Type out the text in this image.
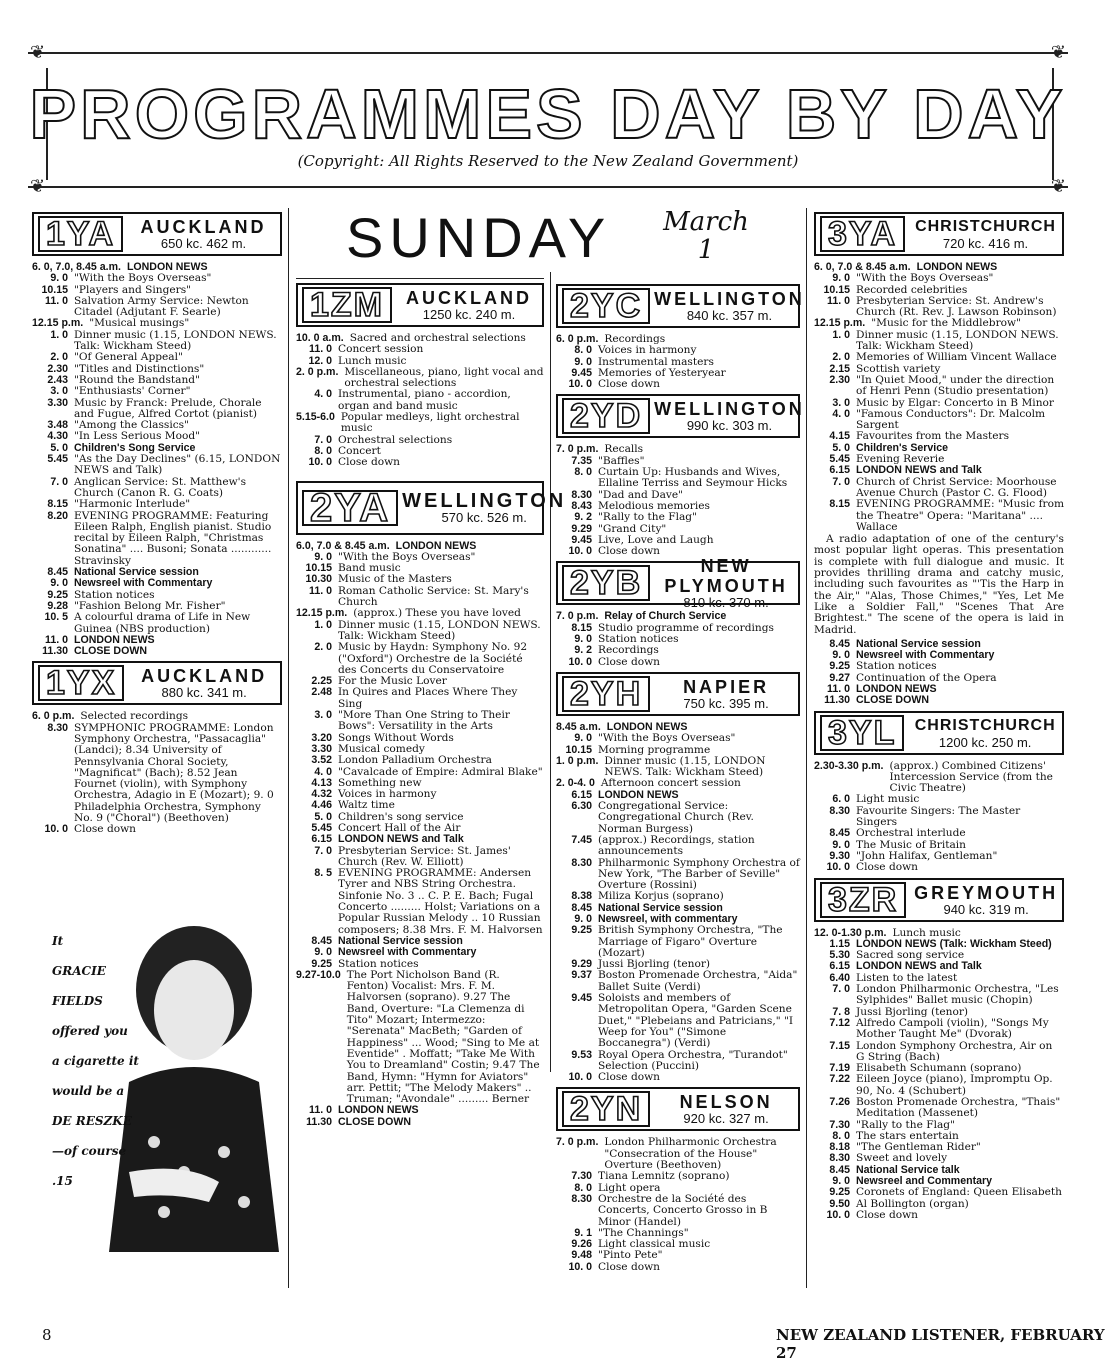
❦	❦
❦	❦
PROGRAMMES DAY BY DAY
(Copyright: All Rights Reserved to the New Zealand Government)
1YA	AUCKLAND
650 kc. 462 m.
6. 0, 7.0, 8.45 a.m. LONDON NEWS
9. 0 "With the Boys Overseas"
10.15 "Players and Singers"
11. 0 Salvation Army Service: Newton Citadel (Adjutant F. Searle)
12.15 p.m. "Musical musings"
1. 0 Dinner music (1.15, LONDON NEWS. Talk: Wickham Steed)
2. 0 "Of General Appeal"
2.30 "Titles and Distinctions"
2.43 "Round the Bandstand"
3. 0 "Enthusiasts' Corner"
3.30 Music by Franck: Prelude, Chorale and Fugue, Alfred Cortot (pianist)
3.48 "Among the Classics"
4.30 "In Less Serious Mood"
5. 0 Children's Song Service
5.45 "As the Day Declines" (6.15, LONDON NEWS and Talk)
7. 0 Anglican Service: St. Matthew's Church (Canon R. G. Coats)
8.15 "Harmonic Interlude"
8.20 EVENING PROGRAMME: Featuring Eileen Ralph, English pianist. Studio recital by Eileen Ralph, "Christmas Sonatina" .... Busoni; Sonata ............ Stravinsky
8.45 National Service session
9. 0 Newsreel with Commentary
9.25 Station notices
9.28 "Fashion Belong Mr. Fisher"
10. 5 A colourful drama of Life in New Guinea (NBS production)
11. 0 LONDON NEWS
11.30 CLOSE DOWN
1YX	AUCKLAND
880 kc. 341 m.
6. 0 p.m. Selected recordings
8.30 SYMPHONIC PROGRAMME: London Symphony Orchestra, "Passacaglia" (Landci); 8.34 University of Pennsylvania Choral Society, "Magnificat" (Bach); 8.52 Jean Fournet (violin), with Symphony Orchestra, Adagio in E (Mozart); 9. 0 Philadelphia Orchestra, Symphony No. 9 ("Choral") (Beethoven)
10. 0 Close down
It
GRACIE
FIELDS
offered you
a cigarette it
would be a
DE RESZKE
—of course
.15
SUNDAY
1ZM	AUCKLAND
1250 kc. 240 m.
10. 0 a.m. Sacred and orchestral selections
11. 0 Concert session
12. 0 Lunch music
2. 0 p.m. Miscellaneous, piano, light vocal and orchestral selections
4. 0 Instrumental, piano - accordion, organ and band music
5.15-6.0 Popular medleys, light orchestral music
7. 0 Orchestral selections
8. 0 Concert
10. 0 Close down
2YA WELLINGTON
570 kc. 526 m.
6.0, 7.0 & 8.45 a.m. LONDON NEWS
9. 0 "With the Boys Overseas"
10.15 Band music
10.30 Music of the Masters
11. 0 Roman Catholic Service: St. Mary's Church
12.15 p.m. (approx.) These you have loved
1. 0 Dinner music (1.15, LONDON NEWS. Talk: Wickham Steed)
2. 0 Music by Haydn: Symphony No. 92 ("Oxford") Orchestre de la Société des Concerts du Conservatoire
2.25 For the Music Lover
2.48 In Quires and Places Where They Sing
3. 0 "More Than One String to Their Bows": Versatility in the Arts
3.20 Songs Without Words
3.30 Musical comedy
3.52 London Palladium Orchestra
4. 0 "Cavalcade of Empire: Admiral Blake"
4.13 Something new
4.32 Voices in harmony
4.46 Waltz time
5. 0 Children's song service
5.45 Concert Hall of the Air
6.15 LONDON NEWS and Talk
7. 0 Presbyterian Service: St. James' Church (Rev. W. Elliott)
8. 5 EVENING PROGRAMME: Andersen Tyrer and NBS String Orchestra. Sinfonie No. 3 .. C. P. E. Bach; Fugal Concerto ......... Holst; Variations on a Popular Russian Melody .. 10 Russian composers; 8.38 Mrs. F. M. Halvorsen
8.45 National Service session
9. 0 Newsreel with Commentary
9.25 Station notices
9.27-10.0 The Port Nicholson Band (R. Fenton) Vocalist: Mrs. F. M. Halvorsen (soprano). 9.27 The Band, Overture: "La Clemenza di Tito" Mozart; Intermezzo: "Serenata" MacBeth; "Garden of Happiness" ... Wood; "Sing to Me at Eventide" . Moffatt; "Take Me With You to Dreamland" Costin; 9.47 The Band, Hymn: "Hymn for Aviators" arr. Pettit; "The Melody Makers" .. Truman; "Avondale" ......... Berner
11. 0 LONDON NEWS
11.30 CLOSE DOWN
March
1
2YC WELLINGTON
840 kc. 357 m.
6. 0 p.m. Recordings
8. 0 Voices in harmony
9. 0 Instrumental masters
9.45 Memories of Yesteryear
10. 0 Close down
2YD WELLINGTON
990 kc. 303 m.
7. 0 p.m. Recalls
7.35 "Baffles"
8. 0 Curtain Up: Husbands and Wives, Ellaline Terriss and Seymour Hicks
8.30 "Dad and Dave"
8.43 Melodious memories
9. 2 "Rally to the Flag"
9.29 "Grand City"
9.45 Live, Love and Laugh
10. 0 Close down
2YB	NEW PLYMOUTH
810 kc. 370 m.
7. 0 p.m. Relay of Church Service
8.15 Studio programme of recordings
9. 0 Station notices
9. 2 Recordings
10. 0 Close down
2YH	NAPIER
750 kc. 395 m.
8.45 a.m. LONDON NEWS
9. 0 "With the Boys Overseas"
10.15 Morning programme
1. 0 p.m. Dinner music (1.15, LONDON NEWS. Talk: Wickham Steed)
2. 0-4. 0 Afternoon concert session
6.15 LONDON NEWS
6.30 Congregational Service: Congregational Church (Rev. Norman Burgess)
7.45 (approx.) Recordings, station announcements
8.30 Philharmonic Symphony Orchestra of New York, "The Barber of Seville" Overture (Rossini)
8.38 Miliza Korjus (soprano)
8.45 National Service session
9. 0 Newsreel, with commentary
9.25 British Symphony Orchestra, "The Marriage of Figaro" Overture (Mozart)
9.29 Jussi Bjorling (tenor)
9.37 Boston Promenade Orchestra, "Aida" Ballet Suite (Verdi)
9.45 Soloists and members of Metropolitan Opera, "Garden Scene Duet," "Plebeians and Patricians," "I Weep for You" ("Simone Boccanegra") (Verdi)
9.53 Royal Opera Orchestra, "Turandot" Selection (Puccini)
10. 0 Close down
2YN	NELSON
920 kc. 327 m.
7. 0 p.m. London Philharmonic Orchestra "Consecration of the House" Overture (Beethoven)
7.30 Tiana Lemnitz (soprano)
8. 0 Light opera
8.30 Orchestre de la Société des Concerts, Concerto Grosso in B Minor (Handel)
9. 1 "The Channings"
9.26 Light classical music
9.48 "Pinto Pete"
10. 0 Close down
3YA	CHRISTCHURCH
720 kc. 416 m.
6. 0, 7.0 & 8.45 a.m. LONDON NEWS
9. 0 "With the Boys Overseas"
10.15 Recorded celebrities
11. 0 Presbyterian Service: St. Andrew's Church (Rt. Rev. J. Lawson Robinson)
12.15 p.m. "Music for the Middlebrow"
1. 0 Dinner music (1.15, LONDON NEWS. Talk: Wickham Steed)
2. 0 Memories of William Vincent Wallace
2.15 Scottish variety
2.30 "In Quiet Mood," under the direction of Henri Penn (Studio presentation)
3. 0 Music by Elgar: Concerto in B Minor
4. 0 "Famous Conductors": Dr. Malcolm Sargent
4.15 Favourites from the Masters
5. 0 Children's Service
5.45 Evening Reverie
6.15 LONDON NEWS and Talk
7. 0 Church of Christ Service: Moorhouse Avenue Church (Pastor C. G. Flood)
8.15 EVENING PROGRAMME: "Music from the Theatre" Opera: "Maritana" .... Wallace
A radio adaptation of one of the century's most popular light operas. This presentation is complete with full dialogue and music. It provides thrilling drama and catchy music, including such favourites as "'Tis the Harp in the Air," "Alas, Those Chimes," "Yes, Let Me Like a Soldier Fall," "Scenes That Are Brightest." The scene of the opera is laid in Madrid.
8.45 National Service session
9. 0 Newsreel with Commentary
9.25 Station notices
9.27 Continuation of the Opera
11. 0 LONDON NEWS
11.30 CLOSE DOWN
3YL	CHRISTCHURCH
1200 kc. 250 m.
2.30-3.30 p.m. (approx.) Combined Citizens' Intercession Service (from the Civic Theatre)
6. 0 Light music
8.30 Favourite Singers: The Master Singers
8.45 Orchestral interlude
9. 0 The Music of Britain
9.30 "John Halifax, Gentleman"
10. 0 Close down
3ZR GREYMOUTH
940 kc. 319 m.
12. 0-1.30 p.m. Lunch music
1.15 LONDON NEWS (Talk: Wickham Steed)
5.30 Sacred song service
6.15 LONDON NEWS and Talk
6.40 Listen to the latest
7. 0 London Philharmonic Orchestra, "Les Sylphides" Ballet music (Chopin)
7. 8 Jussi Bjorling (tenor)
7.12 Alfredo Campoli (violin), "Songs My Mother Taught Me" (Dvorak)
7.15 London Symphony Orchestra, Air on G String (Bach)
7.19 Elisabeth Schumann (soprano)
7.22 Eileen Joyce (piano), Impromptu Op. 90, No. 4 (Schubert)
7.26 Boston Promenade Orchestra, "Thais" Meditation (Massenet)
7.30 "Rally to the Flag"
8. 0 The stars entertain
8.18 "The Gentleman Rider"
8.30 Sweet and lovely
8.45 National Service talk
9. 0 Newsreel and Commentary
9.25 Coronets of England: Queen Elisabeth
9.50 Al Bollington (organ)
10. 0 Close down
8	NEW ZEALAND LISTENER, FEBRUARY 27
